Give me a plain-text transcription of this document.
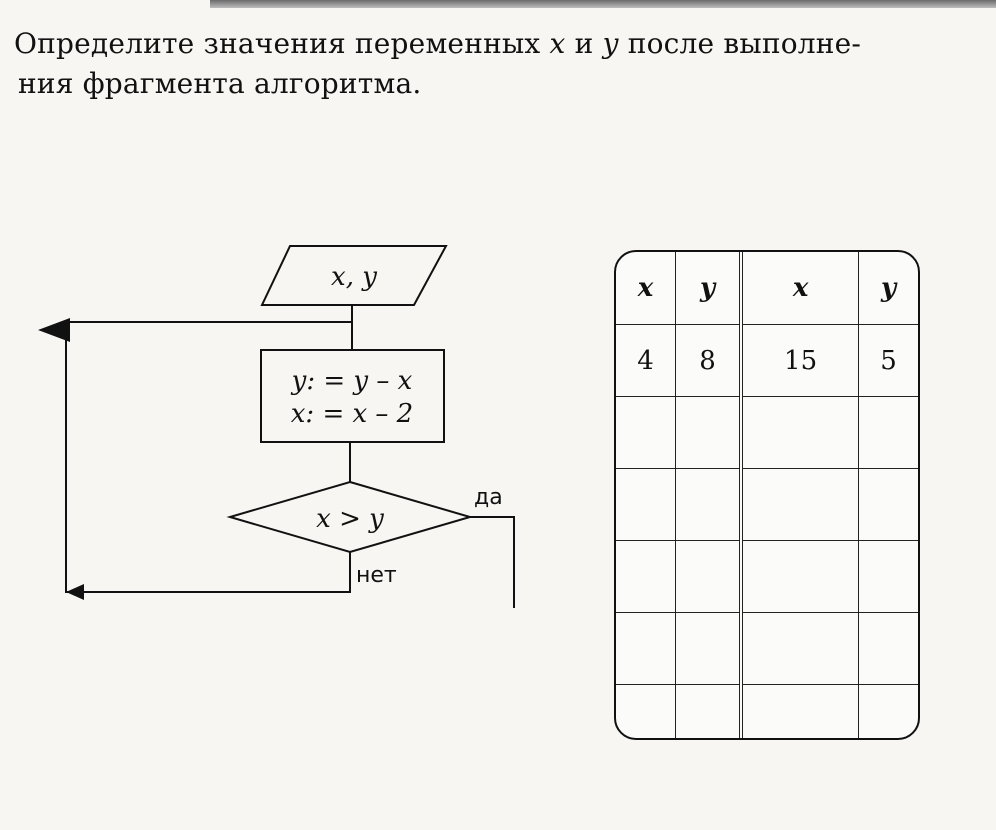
Определите значения переменных x и y после выполне-
ния фрагмента алгоритма.
x, y
y: = y – x
x: = x – 2
x > y
да
нет
x	y	x	y
4	8	15	5
